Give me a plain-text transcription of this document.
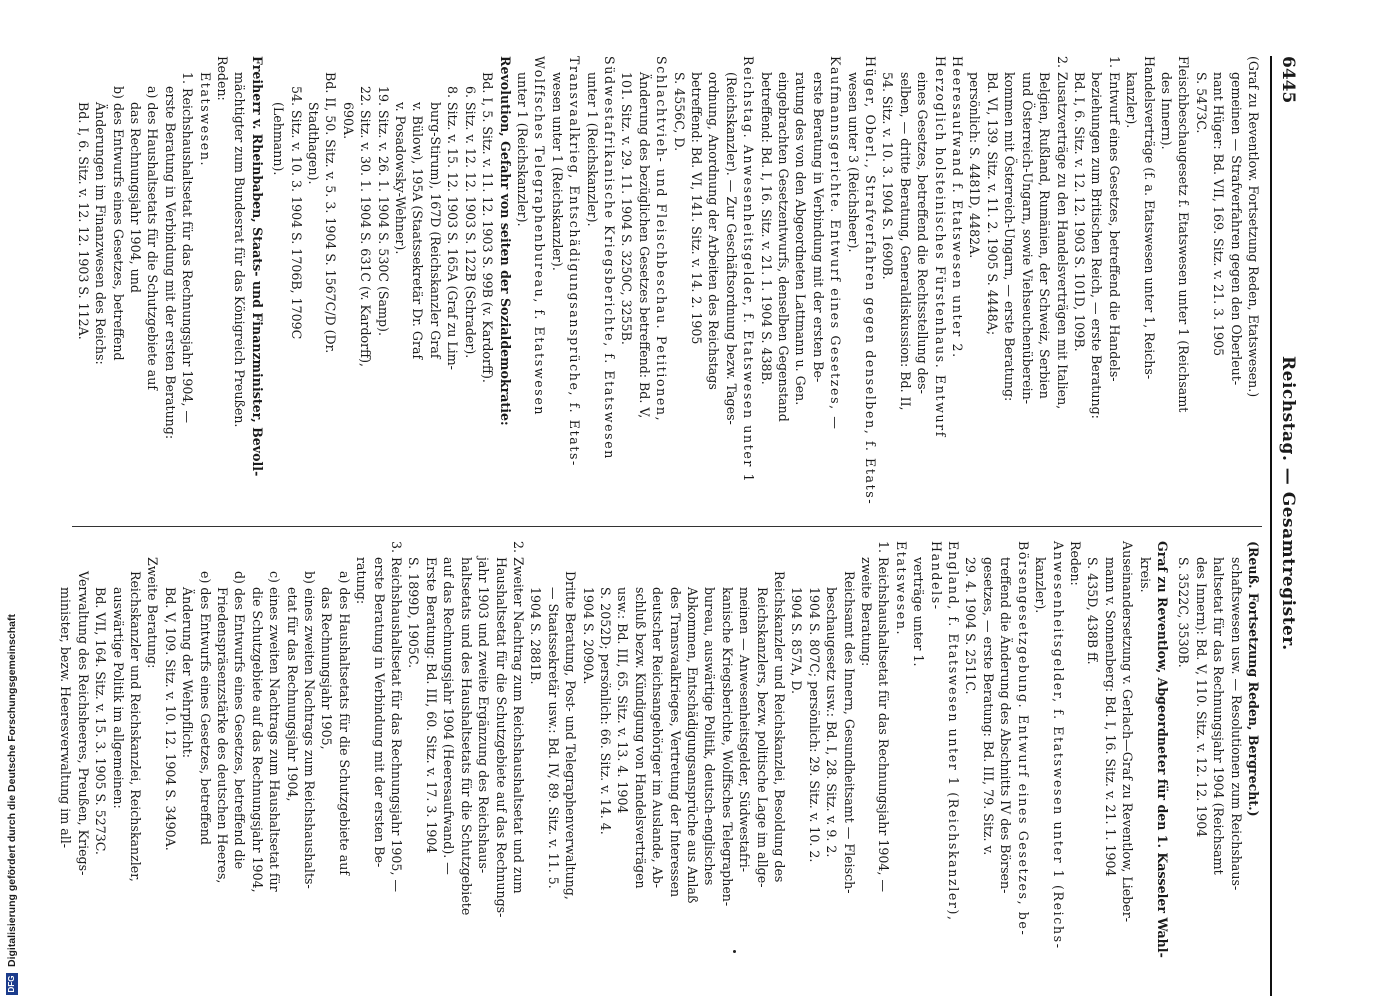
6445
Reichstag. — Gesamtregister.

(Graf zu Reventlow. Fortsetzung Reden, Etatswesen.)

gemeinen — Strafverfahren gegen den Oberleut-

nant Hüger: Bd. VII, 169. Sitz. v. 21. 3. 1905

S. 5473C.

Fleischbeschaugesetz f. Etatswesen unter 1 (Reichsamt

des Innern).

Handelsverträge (f. a. Etatswesen unter 1, Reichs-

kanzler).

1. Entwurf eines Gesetzes, betreffend die Handels-

beziehungen zum Britischen Reich, — erste Beratung:

Bd. I, 6. Sitz. v. 12. 12. 1903 S. 101D, 109B.

2. Zusatzverträge zu den Handelsverträgen mit Italien,

Belgien, Rußland, Rumänien, der Schweiz, Serbien

und Österreich-Ungarn, sowie Viehseuchenüberein-

kommen mit Österreich-Ungarn, — erste Beratung:

Bd. VI, 139. Sitz. v. 11. 2. 1905 S. 4448A;

persönlich: S. 4481D, 4482A.

Heeresaufwand f. Etatswesen unter 2.

Herzoglich holsteinisches Fürstenhaus. Entwurf

eines Gesetzes, betreffend die Rechtsstellung des-

selben, — dritte Beratung, Generaldiskussion: Bd. II,

54. Sitz. v. 10. 3. 1904 S. 1690B.

Hüger, Oberl., Strafverfahren gegen denselben, f. Etats-

wesen unter 3 (Reichsheer).

Kaufmannsgerichte. Entwurf eines Gesetzes, —

erste Beratung in Verbindung mit der ersten Be-

ratung des von den Abgeordneten Lattmann u. Gen.

eingebrachten Gesetzentwurfs, denselben Gegenstand

betreffend: Bd. I, 16. Sitz. v. 21. 1. 1904 S. 438B.

Reichstag. Anwesenheitsgelder, f. Etatswesen unter 1

(Reichskanzler). — Zur Geschäftsordnung bezw. Tages-

ordnung, Anordnung der Arbeiten des Reichstags

betreffend: Bd. VI, 141. Sitz. v. 14. 2. 1905

S. 4556C, D.

Schlachtvieh- und Fleischbeschau. Petitionen,

Änderung des bezüglichen Gesetzes betreffend: Bd. V,

101. Sitz. v. 29. 11. 1904 S. 3250C, 3255B.

Südwestafrikanische Kriegsberichte, f. Etatswesen

unter 1 (Reichskanzler).

Transvaalkrieg, Entschädigungsansprüche, f. Etats-

wesen unter 1 (Reichskanzler).

Wolffsches Telegraphenbureau, f. Etatswesen

unter 1 (Reichskanzler).

Revolution, Gefahr von seiten der Sozialdemokratie:

Bd. I, 5. Sitz. v. 11. 12. 1903 S. 99B (v. Kardorff).

6. Sitz. v. 12. 12. 1903 S. 122B (Schrader).

8. Sitz. v. 15. 12. 1903 S. 165A (Graf zu Lim-

burg-Stirum), 167D (Reichskanzler Graf

v. Bülow), 195A (Staatssekretär Dr. Graf

v. Posadowsky-Wehner).

19. Sitz. v. 26. 1. 1904 S. 530C (Samp).

22. Sitz. v. 30. 1. 1904 S. 631C (v. Kardorff),

690A.

Bd. II, 50. Sitz. v. 5. 3. 1904 S. 1567C/D (Dr.

Stadthagen).

54. Sitz. v. 10. 3. 1904 S. 1706B, 1709C

(Lehmann).

Freiherr v. Rheinbaben, Staats- und Finanzminister, Bevoll-

mächtigter zum Bundesrat für das Königreich Preußen.

Reden:

Etatswesen.

1. Reichshaushaltsetat für das Rechnungsjahr 1904, —

erste Beratung in Verbindung mit der ersten Beratung:

a) des Haushaltsetats für die Schutzgebiete auf

das Rechnungsjahr 1904, und

b) des Entwurfs eines Gesetzes, betreffend

Änderungen im Finanzwesen des Reichs:

Bd. I, 6. Sitz. v. 12. 12. 1903 S. 112A.

(Reuß. Fortsetzung Reden, Bergrecht.)

schaftswesen usw. — Resolutionen zum Reichshaus-

haltsetat für das Rechnungsjahr 1904 (Reichsamt

des Innern): Bd. V, 110. Sitz. v. 12. 12. 1904

S. 3522C, 3530B.

Graf zu Reventlow, Abgeordneter für den 1. Kasseler Wahl-

kreis.

Auseinandersetzung v. Gerlach—Graf zu Reventlow, Lieber-

mann v. Sonnenberg: Bd. I, 16. Sitz. v. 21. 1. 1904

S. 435D, 438B ff.

Reden:

Anwesenheitsgelder, f. Etatswesen unter 1 (Reichs-

kanzler).

Börsengesetzgebung. Entwurf eines Gesetzes, be-

treffend die Änderung des Abschnitts IV des Börsen-

gesetzes, — erste Beratung: Bd. III, 79. Sitz. v.

29. 4. 1904 S. 2511C.

England, f. Etatswesen unter 1 (Reichskanzler), Handels-

verträge unter 1.

Etatswesen.

1. Reichshaushaltsetat für das Rechnungsjahr 1904, —

zweite Beratung:

Reichsamt des Innern, Gesundheitsamt — Fleisch-

beschaugesetz usw.: Bd. I, 28. Sitz. v. 9. 2.

1904 S. 807C; persönlich: 29. Sitz. v. 10. 2.

1904 S. 857A, D.

Reichskanzler und Reichskanzlei, Besoldung des

Reichskanzlers, bezw. politische Lage im allge-

meinen — Anwesenheitsgelder, Südwestafri-

kanische Kriegsberichte, Wolffsches Telegraphen-

bureau, auswärtige Politik, deutsch-englisches

Abkommen, Entschädigungsansprüche aus Anlaß

des Transvaalkrieges, Vertretung der Interessen

deutscher Reichsangehöriger im Auslande, Ab-

schluß bezw. Kündigung von Handelsverträgen

usw.: Bd. III, 65. Sitz. v. 13. 4. 1904

S. 2052D; persönlich: 66. Sitz. v. 14. 4.

1904 S. 2090A.

Dritte Beratung, Post- und Telegraphenverwaltung,

— Staatssekretär usw.: Bd. IV, 89. Sitz. v. 11. 5.

1904 S. 2881B.

2. Zweiter Nachtrag zum Reichshaushaltsetat und zum

Haushaltsetat für die Schutzgebiete auf das Rechnungs-

jahr 1903 und zweite Ergänzung des Reichshaus-

haltsetats und des Haushaltsetats für die Schutzgebiete

auf das Rechnungsjahr 1904 (Heeresaufwand). —

Erste Beratung: Bd. III, 60. Sitz. v. 17. 3. 1904

S. 1899D, 1905C.

3. Reichshaushaltsetat für das Rechnungsjahr 1905, —

erste Beratung in Verbindung mit der ersten Be-

ratung:

a) des Haushaltsetats für die Schutzgebiete auf

das Rechnungsjahr 1905,

b) eines zweiten Nachtrags zum Reichshaushalts-

etat für das Rechnungsjahr 1904,

c) eines zweiten Nachtrags zum Haushaltsetat für

die Schutzgebiete auf das Rechnungsjahr 1904,

d) des Entwurfs eines Gesetzes, betreffend die

Friedenspräsenzstärke des deutschen Heeres,

e) des Entwurfs eines Gesetzes, betreffend

Änderung der Wehrpflicht:

Bd. V, 109. Sitz. v. 10. 12. 1904 S. 3490A.

Zweite Beratung:

Reichskanzler und Reichskanzlei, Reichskanzler,

auswärtige Politik im allgemeinen:

Bd. VII, 164. Sitz. v. 15. 3. 1905 S. 5273C.

Verwaltung des Reichsheeres, Preußen, Kriegs-

minister, bezw. Heeresverwaltung im all-

DFG
Digitalisierung gefördert durch die Deutsche Forschungsgemeinschaft
